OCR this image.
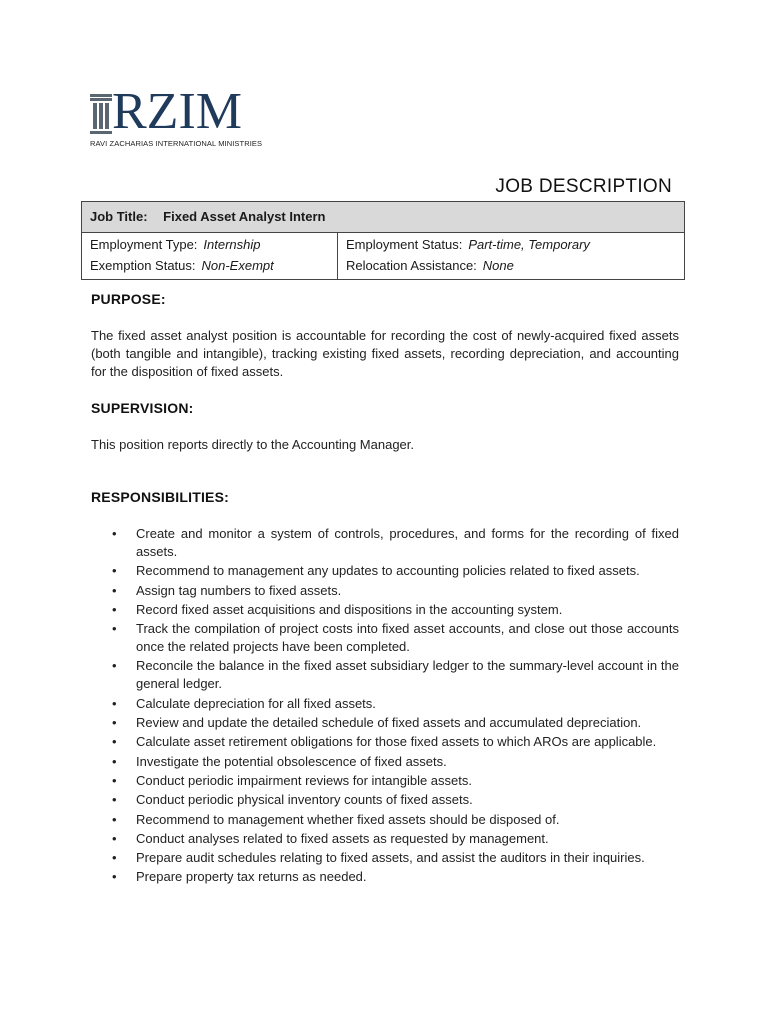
RZIM
RAVI ZACHARIAS INTERNATIONAL MINISTRIES
JOB DESCRIPTION
Job Title: Fixed Asset Analyst Intern
Employment Type: Internship
Exemption Status: Non-Exempt
Employment Status: Part-time, Temporary
Relocation Assistance: None
PURPOSE:
The fixed asset analyst position is accountable for recording the cost of newly-acquired fixed assets (both tangible and intangible), tracking existing fixed assets, recording depreciation, and accounting for the disposition of fixed assets.
SUPERVISION:
This position reports directly to the Accounting Manager.
RESPONSIBILITIES:
• Create and monitor a system of controls, procedures, and forms for the recording of fixed assets.
• Recommend to management any updates to accounting policies related to fixed assets.
• Assign tag numbers to fixed assets.
• Record fixed asset acquisitions and dispositions in the accounting system.
• Track the compilation of project costs into fixed asset accounts, and close out those accounts once the related projects have been completed.
• Reconcile the balance in the fixed asset subsidiary ledger to the summary-level account in the general ledger.
• Calculate depreciation for all fixed assets.
• Review and update the detailed schedule of fixed assets and accumulated depreciation.
• Calculate asset retirement obligations for those fixed assets to which AROs are applicable.
• Investigate the potential obsolescence of fixed assets.
• Conduct periodic impairment reviews for intangible assets.
• Conduct periodic physical inventory counts of fixed assets.
• Recommend to management whether fixed assets should be disposed of.
• Conduct analyses related to fixed assets as requested by management.
• Prepare audit schedules relating to fixed assets, and assist the auditors in their inquiries.
• Prepare property tax returns as needed.
